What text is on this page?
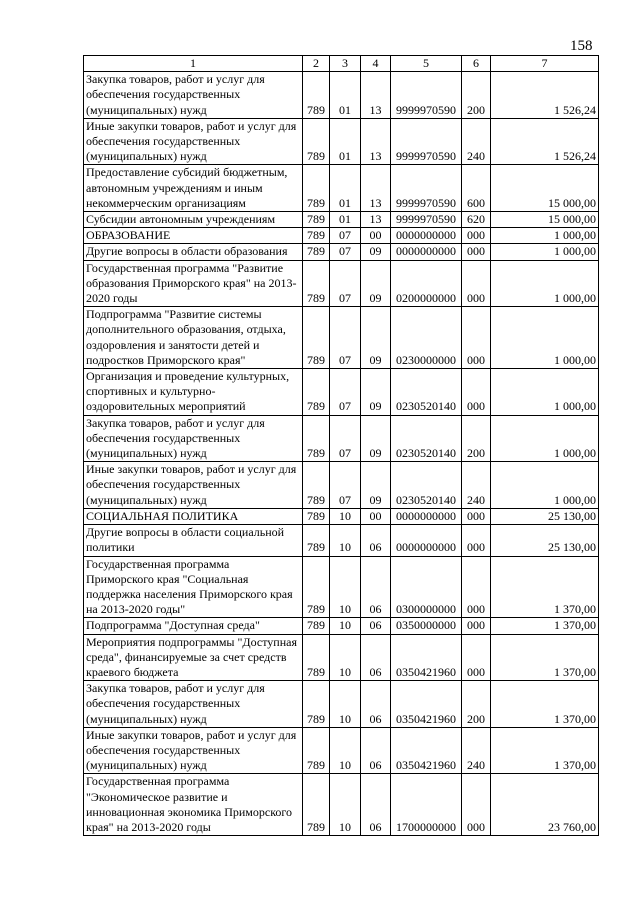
158
1	2	3	4	5	6	7
Закупка товаров, работ и услуг для обеспечения государственных (муниципальных) нужд	789	01	13	9999970590	200	1 526,24
Иные закупки товаров, работ и услуг для обеспечения государственных (муниципальных) нужд	789	01	13	9999970590	240	1 526,24
Предоставление субсидий бюджетным, автономным учреждениям и иным некоммерческим организациям	789	01	13	9999970590	600	15 000,00
Субсидии автономным учреждениям	789	01	13	9999970590	620	15 000,00
ОБРАЗОВАНИЕ	789	07	00	0000000000	000	1 000,00
Другие вопросы в области образования	789	07	09	0000000000	000	1 000,00
Государственная программа "Развитие образования Приморского края" на 2013-2020 годы	789	07	09	0200000000	000	1 000,00
Подпрограмма "Развитие системы дополнительного образования, отдыха, оздоровления и занятости детей и подростков Приморского края"	789	07	09	0230000000	000	1 000,00
Организация и проведение культурных, спортивных и культурно-оздоровительных мероприятий	789	07	09	0230520140	000	1 000,00
Закупка товаров, работ и услуг для обеспечения государственных (муниципальных) нужд	789	07	09	0230520140	200	1 000,00
Иные закупки товаров, работ и услуг для обеспечения государственных (муниципальных) нужд	789	07	09	0230520140	240	1 000,00
СОЦИАЛЬНАЯ ПОЛИТИКА	789	10	00	0000000000	000	25 130,00
Другие вопросы в области социальной политики	789	10	06	0000000000	000	25 130,00
Государственная программа Приморского края "Социальная поддержка населения Приморского края на 2013-2020 годы"	789	10	06	0300000000	000	1 370,00
Подпрограмма "Доступная среда"	789	10	06	0350000000	000	1 370,00
Мероприятия подпрограммы "Доступная среда", финансируемые за счет средств краевого бюджета	789	10	06	0350421960	000	1 370,00
Закупка товаров, работ и услуг для обеспечения государственных (муниципальных) нужд	789	10	06	0350421960	200	1 370,00
Иные закупки товаров, работ и услуг для обеспечения государственных (муниципальных) нужд	789	10	06	0350421960	240	1 370,00
Государственная программа "Экономическое развитие и инновационная экономика Приморского края" на 2013-2020 годы	789	10	06	1700000000	000	23 760,00
